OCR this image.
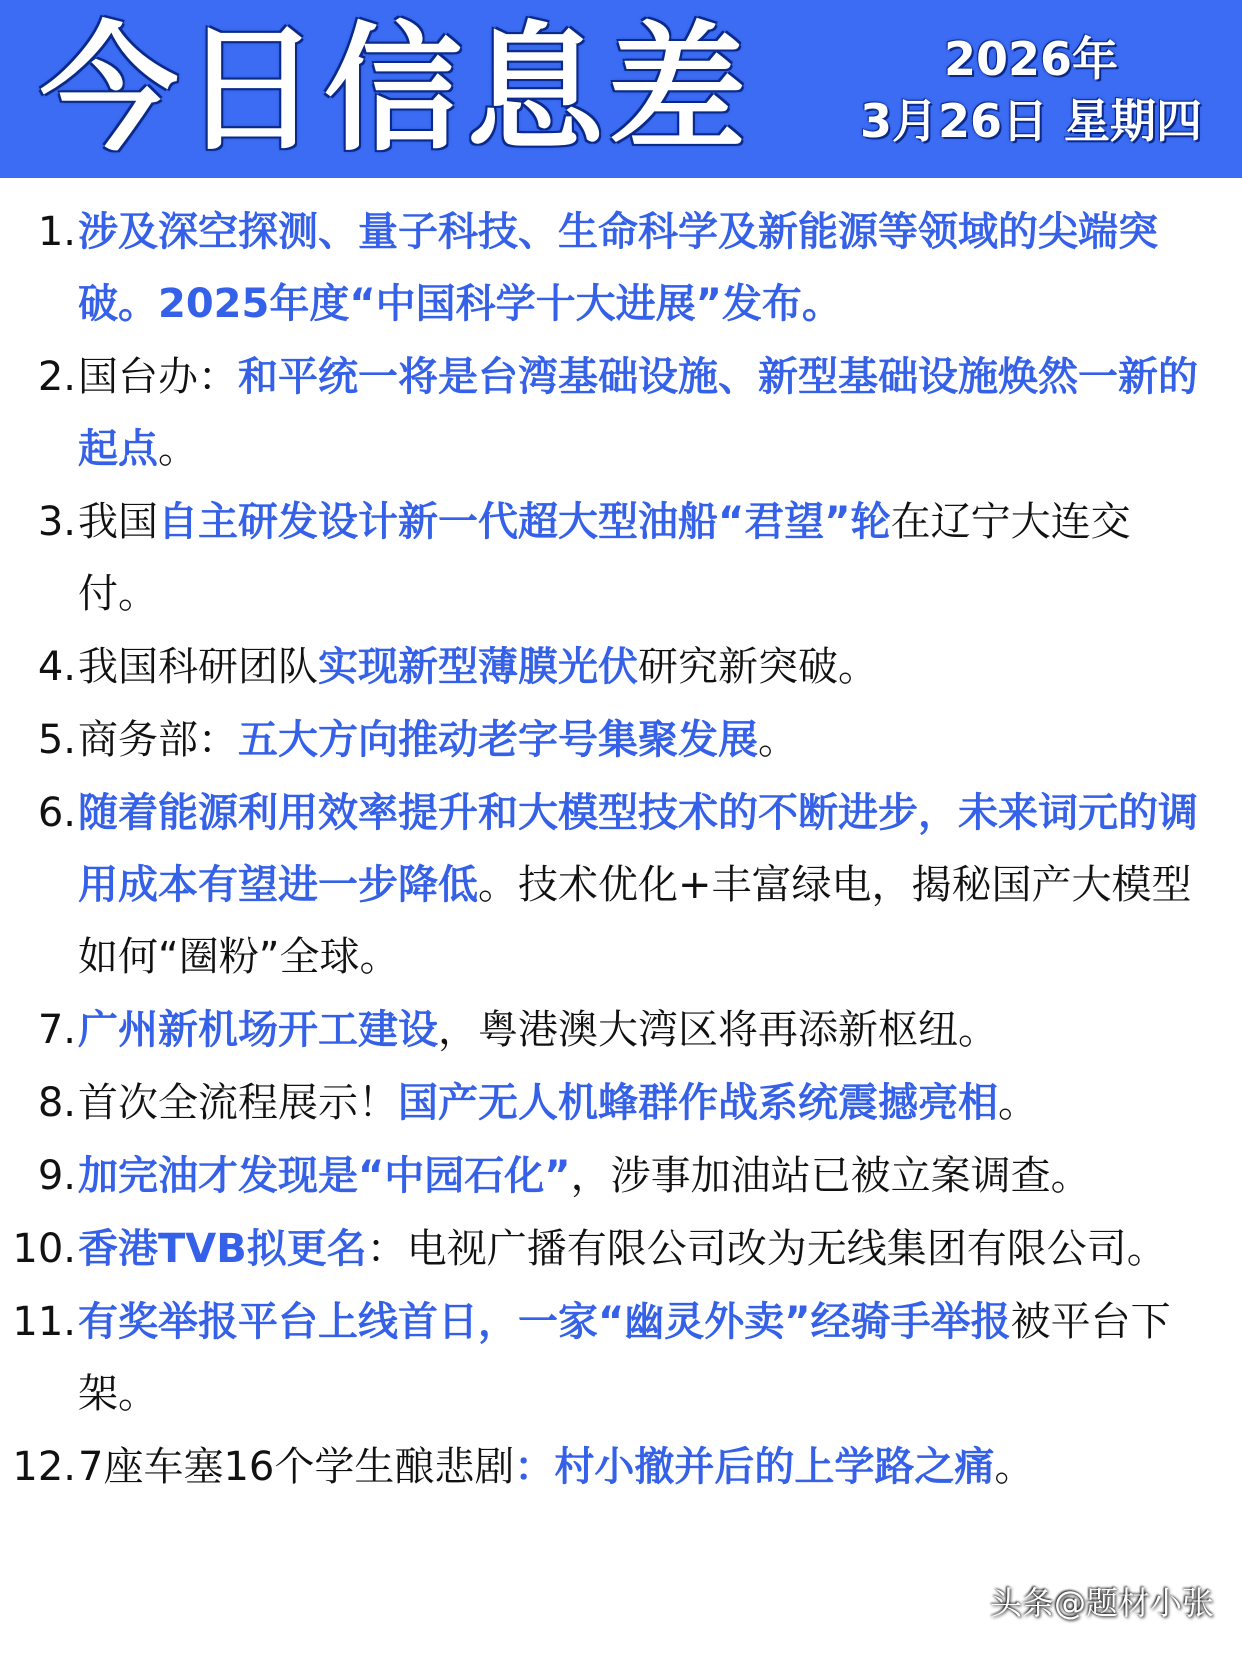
今日信息差	2026年
3月26日 星期四
1. 涉及深空探测、量子科技、生命科学及新能源等领域的尖端突破。2025年度“中国科学十大进展”发布。
2. 国台办：和平统一将是台湾基础设施、新型基础设施焕然一新的起点。
3. 我国自主研发设计新一代超大型油船“君望”轮在辽宁大连交付。
4. 我国科研团队实现新型薄膜光伏研究新突破。
5. 商务部：五大方向推动老字号集聚发展。
6. 随着能源利用效率提升和大模型技术的不断进步，未来词元的调用成本有望进一步降低。技术优化+丰富绿电，揭秘国产大模型如何“圈粉”全球。
7. 广州新机场开工建设，粤港澳大湾区将再添新枢纽。
8. 首次全流程展示！国产无人机蜂群作战系统震撼亮相。
9. 加完油才发现是“中园石化”，涉事加油站已被立案调查。
10. 香港TVB拟更名：电视广播有限公司改为无线集团有限公司。
11. 有奖举报平台上线首日，一家“幽灵外卖”经骑手举报被平台下架。
12. 7座车塞16个学生酿悲剧：村小撤并后的上学路之痛。
头条@题材小张
